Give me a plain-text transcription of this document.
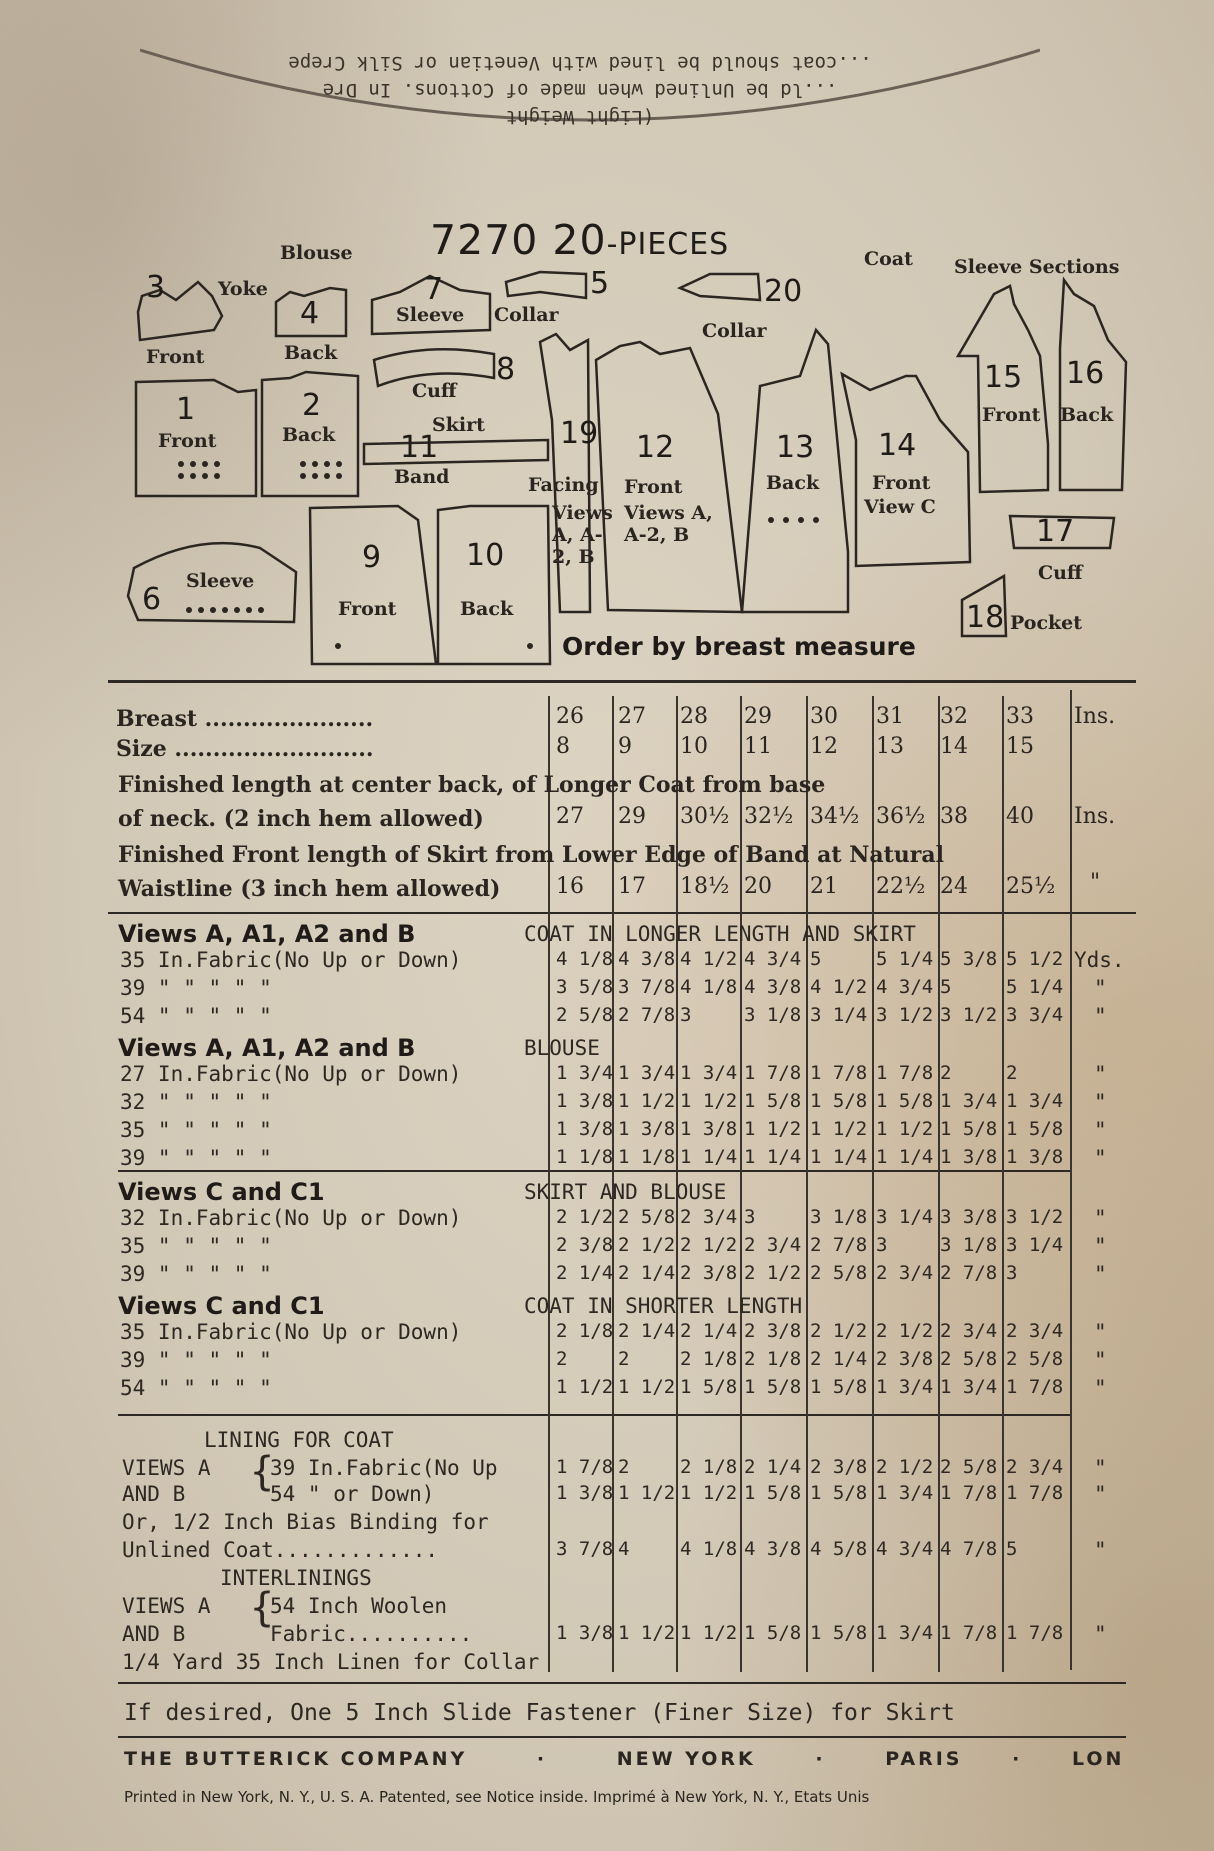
(Light Weight
...ld be Unlined when made of Cottons. In Dre
...coat should be lined with Venetian or Silk Crepe
7270 20-PIECES
Blouse	Coat Sleeve Sections
3	Yoke
Front
4
Back
7
Sleeve Collar
5	20
Collar
8
Cuff
1
Front
2
Back	Skirt
11
Band
19
Facing
Views A, A-2, B
12
Front
Views A, A-2, B
13
Back
14
Front
View C
15
Front
16
Back
17
Cuff
18 Pocket
6
Sleeve
9
Front
10
Back
Order by breast measure
Breast ......................
Size ..........................
Ins.
Finished length at center back, of Longer Coat from base
of neck. (2 inch hem allowed)	Ins.
Finished Front length of Skirt from Lower Edge of Band at Natural
Waistline (3 inch hem allowed)	"
26 27 28 29 30 31 32 33
8 9 10 11 12 13 14 15
27 29 30½ 32½ 34½ 36½ 38 40
16 17 18½ 20 21 22½ 24 25½
Views A, A1, A2 and B	COAT IN LONGER LENGTH AND SKIRT
35 In.Fabric(No Up or Down)	4 1/8 4 3/8 4 1/2 4 3/4 5	5 1/4 5 3/8 5 1/2 Yds.
39 " " " " "	3 5/8 3 7/8 4 1/8 4 3/8 4 1/2 4 3/4 5	5 1/4 "
54 " " " " "	2 5/8 2 7/8 3	3 1/8 3 1/4 3 1/2 3 1/2 3 3/4 "
Views A, A1, A2 and B	BLOUSE
27 In.Fabric(No Up or Down)	1 3/4 1 3/4 1 3/4 1 7/8 1 7/8 1 7/8 2	2	"
32 " " " " "	1 3/8 1 1/2 1 1/2 1 5/8 1 5/8 1 5/8 1 3/4 1 3/4 "
35 " " " " "	1 3/8 1 3/8 1 3/8 1 1/2 1 1/2 1 1/2 1 5/8 1 5/8 "
39 " " " " "	1 1/8 1 1/8 1 1/4 1 1/4 1 1/4 1 1/4 1 3/8 1 3/8 "
Views C and C1	SKIRT AND BLOUSE
32 In.Fabric(No Up or Down)	2 1/2 2 5/8 2 3/4 3	3 1/8 3 1/4 3 3/8 3 1/2 "
35 " " " " "	2 3/8 2 1/2 2 1/2 2 3/4 2 7/8 3	3 1/8 3 1/4 "
39 " " " " "	2 1/4 2 1/4 2 3/8 2 1/2 2 5/8 2 3/4 2 7/8 3	"
Views C and C1	COAT IN SHORTER LENGTH
35 In.Fabric(No Up or Down)	2 1/8 2 1/4 2 1/4 2 3/8 2 1/2 2 1/2 2 3/4 2 3/4 "
39 " " " " "	2	2	2 1/8 2 1/8 2 1/4 2 3/8 2 5/8 2 5/8 "
54 " " " " "	1 1/2 1 1/2 1 5/8 1 5/8 1 5/8 1 3/4 1 3/4 1 7/8 "
LINING FOR COAT
VIEWS A
AND B {
39 In.Fabric(No Up
54 " or Down)
Or, 1/2 Inch Bias Binding for
Unlined Coat.............
INTERLININGS
VIEWS A
AND B
{
54 Inch Woolen
Fabric..........
1/4 Yard 35 Inch Linen for Collar
1 7/8 2	2 1/8 2 1/4 2 3/8 2 1/2 2 5/8 2 3/4 "
1 3/8 1 1/2 1 1/2 1 5/8 1 5/8 1 3/4 1 7/8 1 7/8 "
3 7/8 4	4 1/8 4 3/8 4 5/8 4 3/4 4 7/8 5	"
1 3/8 1 1/2 1 1/2 1 5/8 1 5/8 1 3/4 1 7/8 1 7/8 "
If desired, One 5 Inch Slide Fastener (Finer Size) for Skirt
THE BUTTERICK COMPANY	·	NEW YORK	·	PARIS	·	LON
Printed in New York, N. Y., U. S. A. Patented, see Notice inside. Imprimé à New York, N. Y., Etats Unis
